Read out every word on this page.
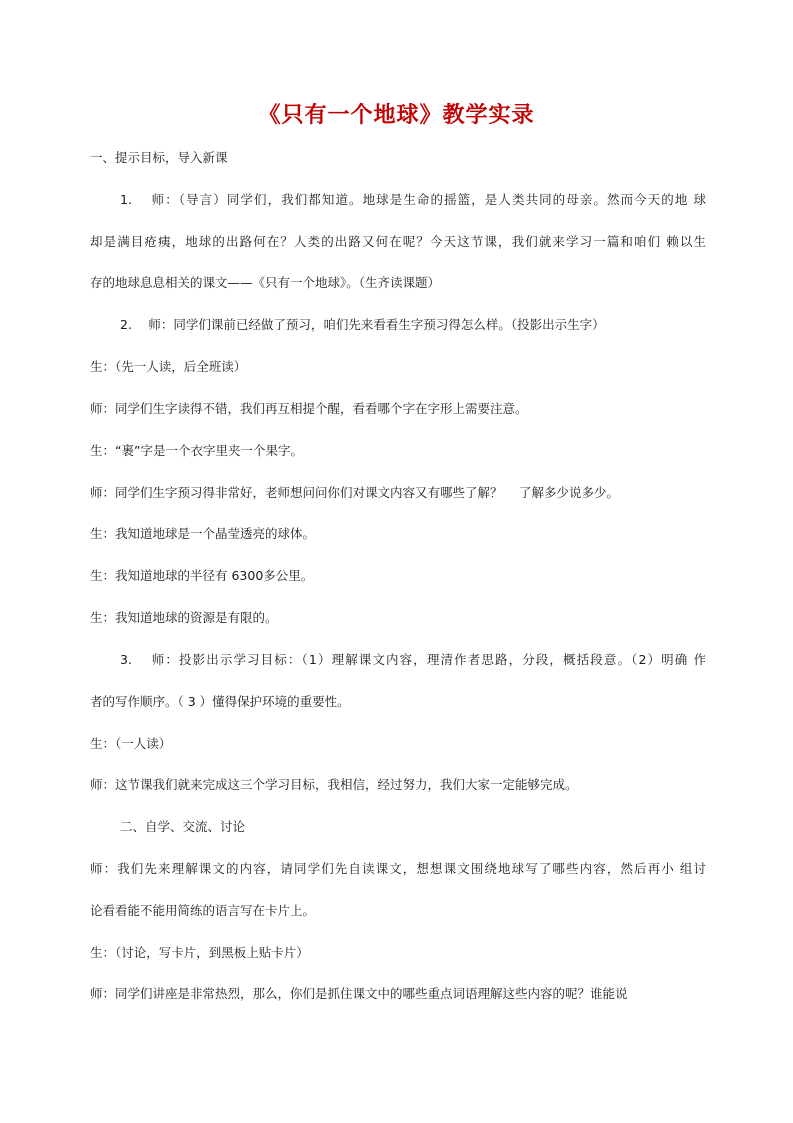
《只有一个地球》教学实录
一、提示目标，导入新课
1.　 师：（导言）同学们，我们都知道。地球是生命的摇篮，是人类共同的母亲。然而今天的地 球
却是满目疮痍，地球的出路何在？人类的出路又何在呢？今天这节课，我们就来学习一篇和咱们 赖以生
存的地球息息相关的课文——《只有一个地球》。（生齐读课题）
2.　 师：同学们课前已经做了预习，咱们先来看看生字预习得怎么样。（投影出示生字）
生：（先一人读，后全班读）
师：同学们生字读得不错，我们再互相提个醒，看看哪个字在字形上需要注意。
生：“裹”字是一个衣字里夹一个果字。
师：同学们生字预习得非常好，老师想问问你们对课文内容又有哪些了解？　 了解多少说多少。
生：我知道地球是一个晶莹透亮的球体。
生：我知道地球的半径有 6300多公里。
生：我知道地球的资源是有限的。
3.　 师：投影出示学习目标：（1）理解课文内容，理清作者思路，分段，概括段意。（2）明确 作
者的写作顺序。（ 3 ）懂得保护环境的重要性。
生：（一人读）
师：这节课我们就来完成这三个学习目标，我相信，经过努力，我们大家一定能够完成。
二、自学、交流、讨论
师：我们先来理解课文的内容，请同学们先自读课文，想想课文围绕地球写了哪些内容，然后再小 组讨
论看看能不能用简练的语言写在卡片上。
生：（讨论，写卡片，到黑板上贴卡片）
师：同学们讲座是非常热烈，那么，你们是抓住课文中的哪些重点词语理解这些内容的呢？谁能说
